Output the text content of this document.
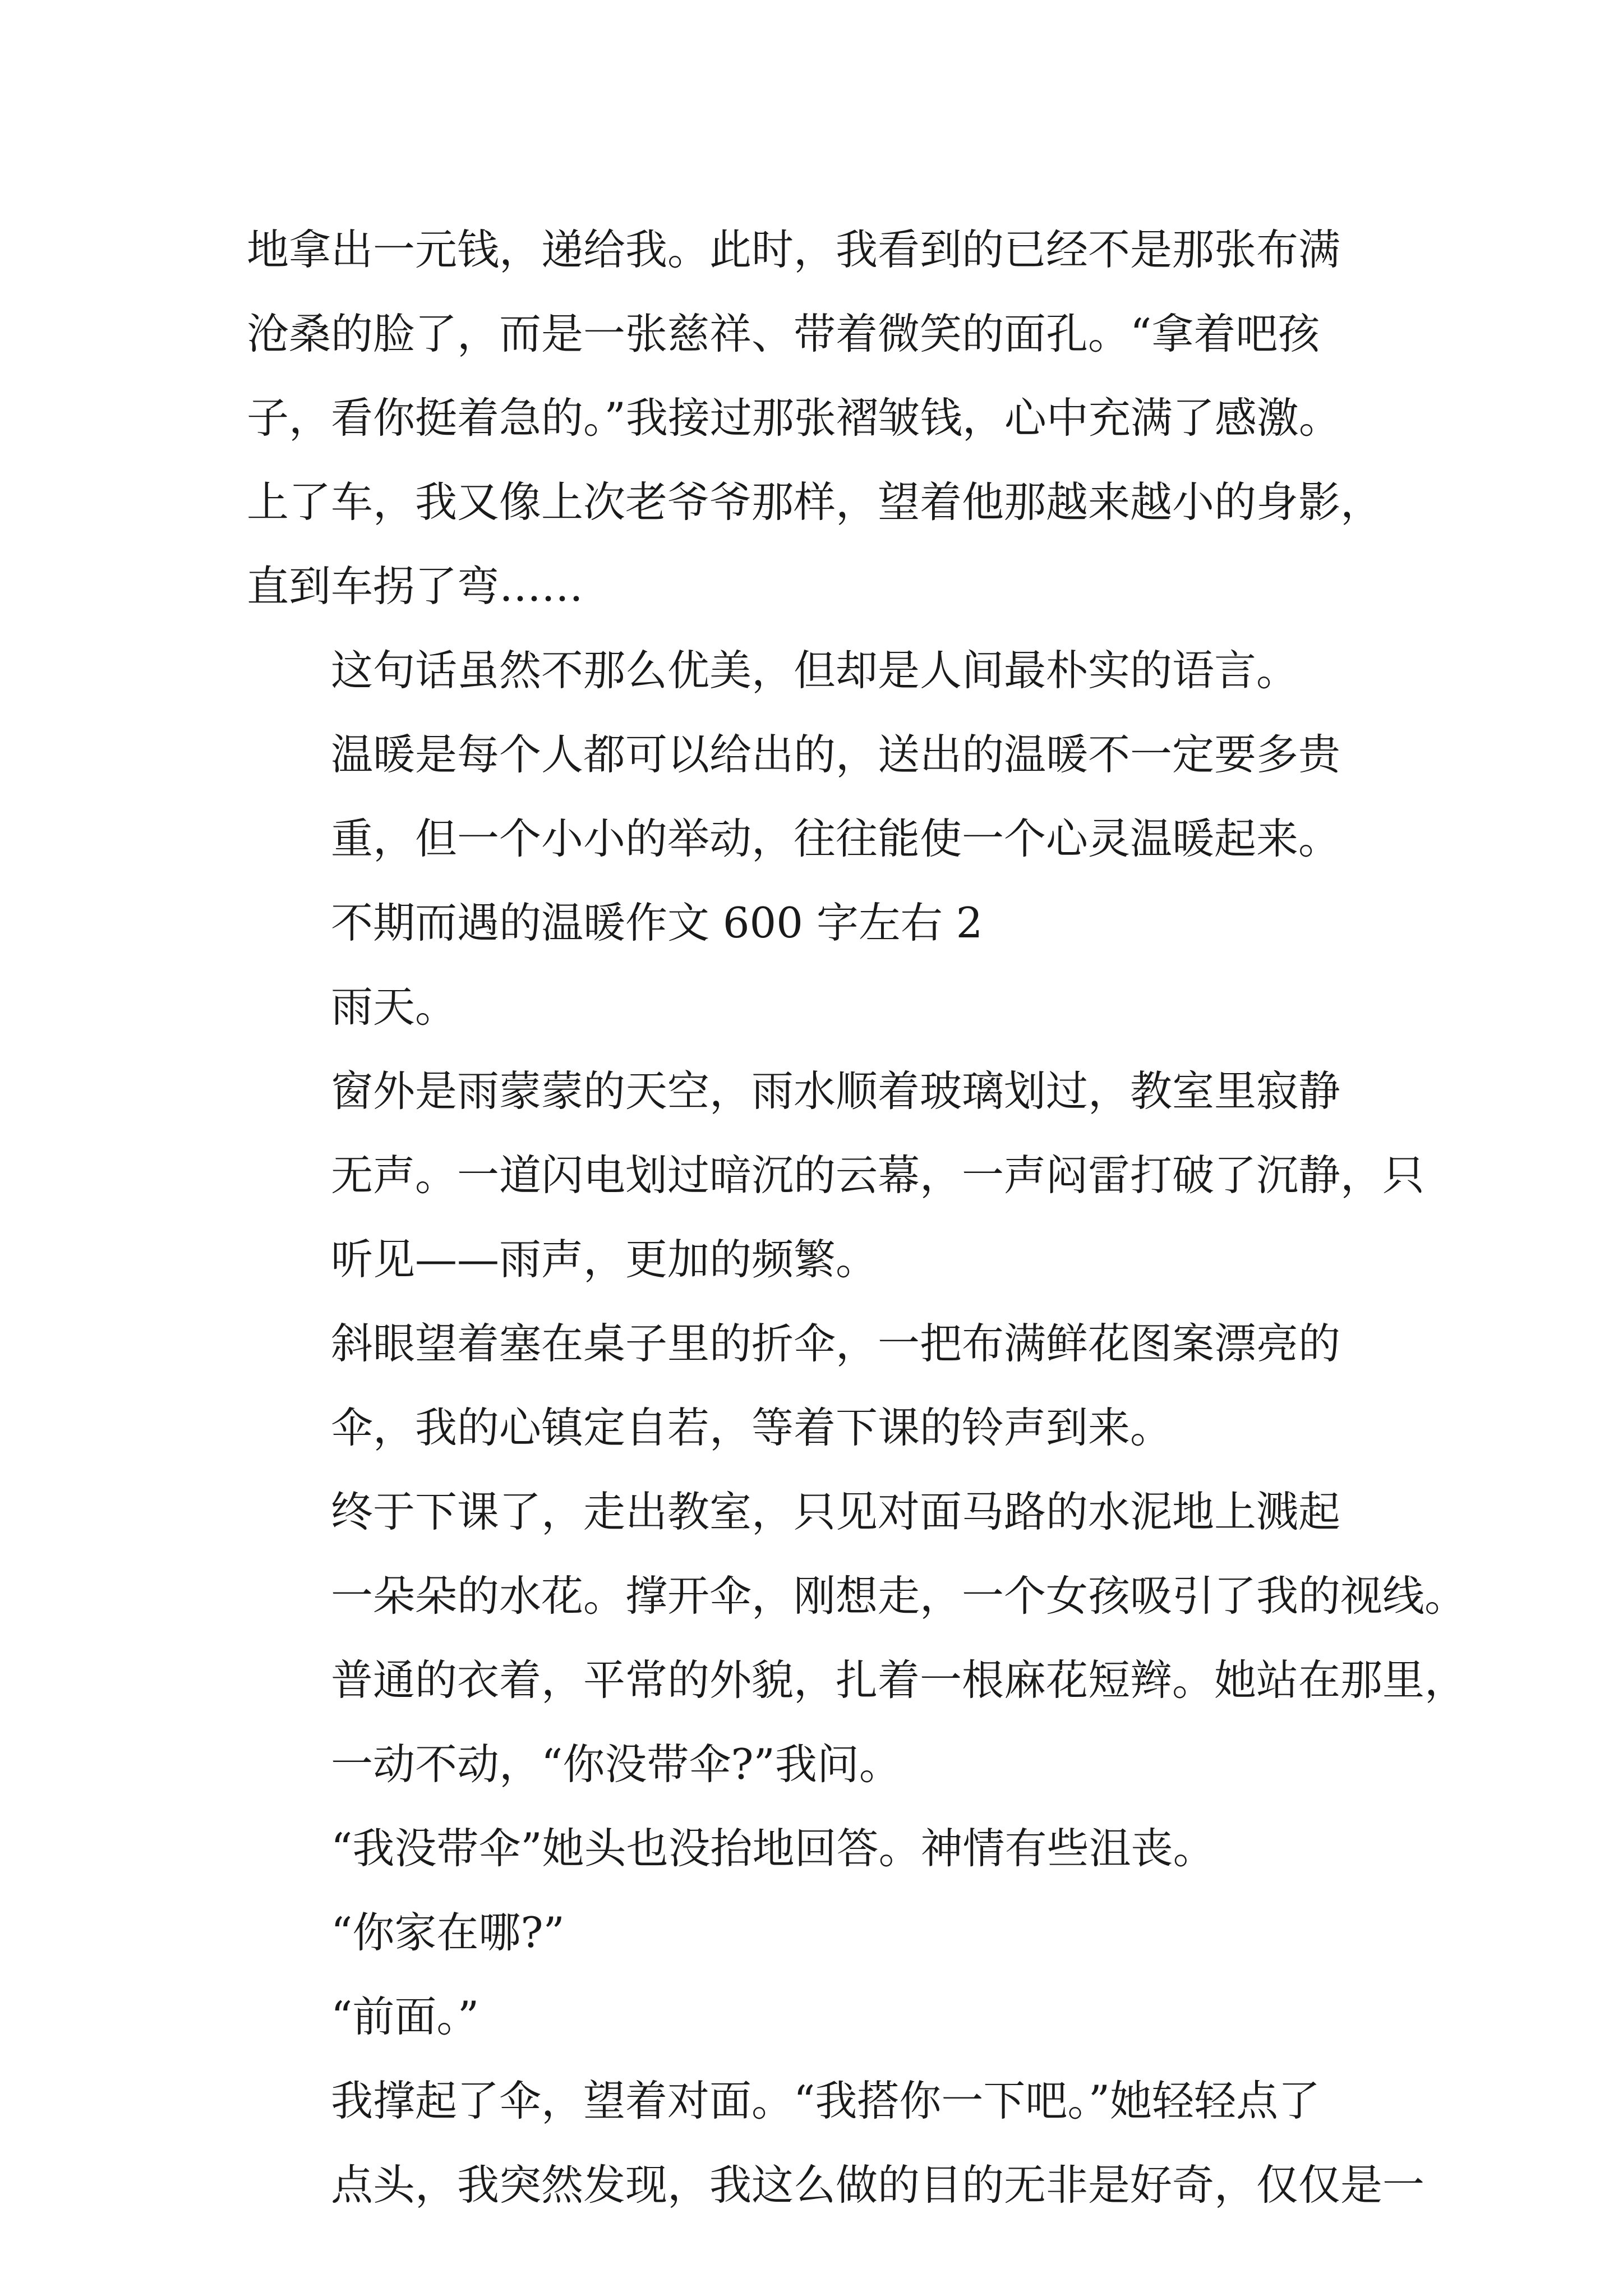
地拿出一元钱，递给我。此时，我看到的已经不是那张布满
沧桑的脸了，而是一张慈祥、带着微笑的面孔。“拿着吧孩
子，看你挺着急的。”我接过那张褶皱钱，心中充满了感激。
上了车，我又像上次老爷爷那样，望着他那越来越小的身影，
直到车拐了弯……
这句话虽然不那么优美，但却是人间最朴实的语言。
温暖是每个人都可以给出的，送出的温暖不一定要多贵
重，但一个小小的举动，往往能使一个心灵温暖起来。
不期而遇的温暖作文 600 字左右 2
雨天。
窗外是雨蒙蒙的天空，雨水顺着玻璃划过，教室里寂静
无声。一道闪电划过暗沉的云幕，一声闷雷打破了沉静，只
听见——雨声，更加的频繁。
斜眼望着塞在桌子里的折伞，一把布满鲜花图案漂亮的
伞，我的心镇定自若，等着下课的铃声到来。
终于下课了，走出教室，只见对面马路的水泥地上溅起
一朵朵的水花。撑开伞，刚想走，一个女孩吸引了我的视线。
普通的衣着，平常的外貌，扎着一根麻花短辫。她站在那里，
一动不动，“你没带伞?”我问。
“我没带伞”她头也没抬地回答。神情有些沮丧。
“你家在哪?”
“前面。”
我撑起了伞，望着对面。“我搭你一下吧。”她轻轻点了
点头，我突然发现，我这么做的目的无非是好奇，仅仅是一
